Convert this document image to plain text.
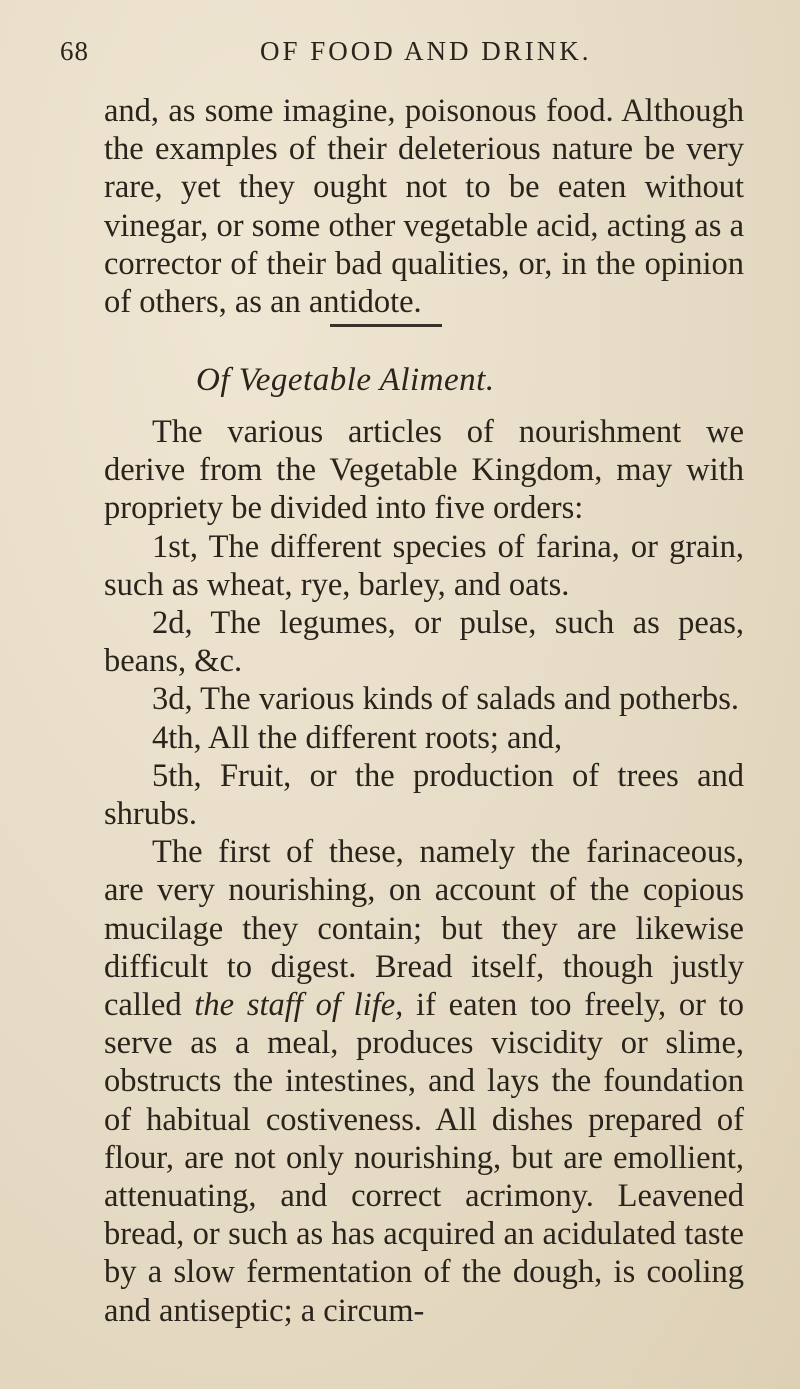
68	OF FOOD AND DRINK.

and, as some imagine, poisonous food. Although the examples of their deleterious nature be very rare, yet they ought not to be eaten without vinegar, or some other vegetable acid, acting as a corrector of their bad qualities, or, in the opinion of others, as an antidote.

Of Vegetable Aliment.

The various articles of nourishment we derive from the Vegetable Kingdom, may with propriety be divided into five orders:

1st, The different species of farina, or grain, such as wheat, rye, barley, and oats.

2d, The legumes, or pulse, such as peas, beans, &c.

3d, The various kinds of salads and potherbs.

4th, All the different roots; and,

5th, Fruit, or the production of trees and shrubs.

The first of these, namely the farinaceous, are very nourishing, on account of the copious mucilage they contain; but they are likewise difficult to digest. Bread itself, though justly called the staff of life, if eaten too freely, or to serve as a meal, produces viscidity or slime, obstructs the intestines, and lays the foundation of habitual costiveness. All dishes prepared of flour, are not only nourishing, but are emollient, attenuating, and correct acrimony. Leavened bread, or such as has acquired an acidulated taste by a slow fermentation of the dough, is cooling and antiseptic; a circum-
